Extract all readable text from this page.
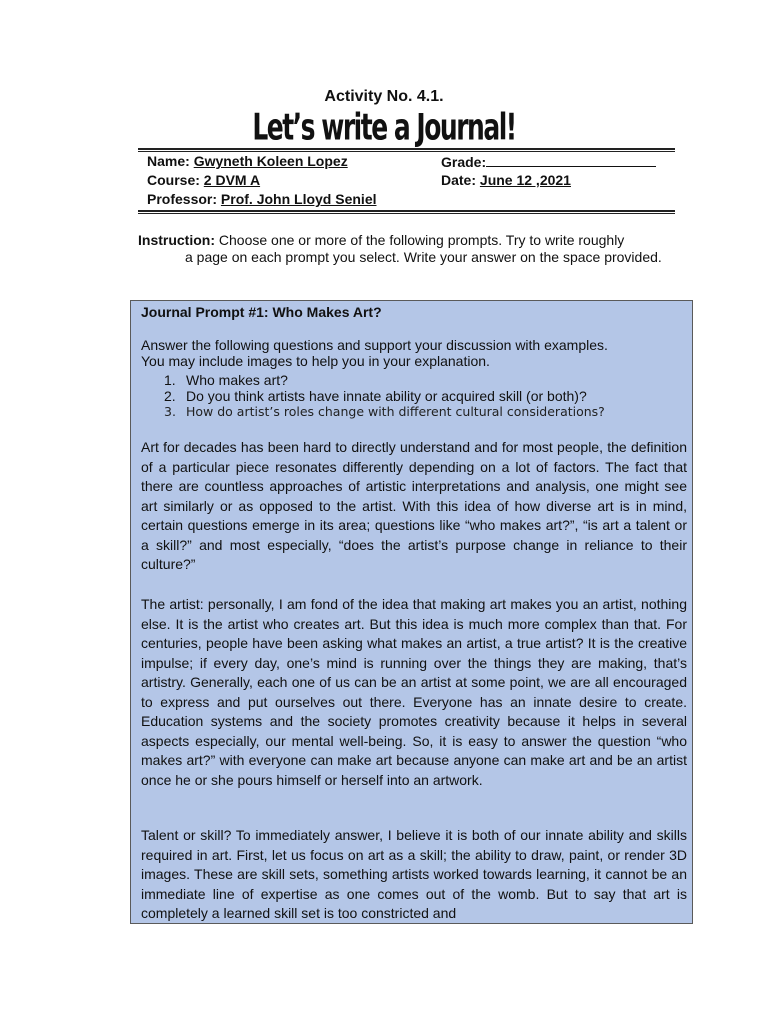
Activity No. 4.1.
Let’s write a Journal!
Name: Gwyneth Koleen Lopez	Grade:
Course: 2 DVM A	Date: June 12 ,2021
Professor: Prof. John Lloyd Seniel
Instruction: Choose one or more of the following prompts. Try to write roughly
a page on each prompt you select. Write your answer on the space provided.
Journal Prompt #1: Who Makes Art?
Answer the following questions and support your discussion with examples.
You may include images to help you in your explanation.
1. Who makes art?
2. Do you think artists have innate ability or acquired skill (or both)?
3. How do artist’s roles change with different cultural considerations?

Art for decades has been hard to directly understand and for most people, the definition of a particular piece resonates differently depending on a lot of factors. The fact that there are countless approaches of artistic interpretations and analysis, one might see art similarly or as opposed to the artist. With this idea of how diverse art is in mind, certain questions emerge in its area; questions like “who makes art?”, “is art a talent or a skill?” and most especially, “does the artist’s purpose change in reliance to their culture?”

The artist: personally, I am fond of the idea that making art makes you an artist, nothing else. It is the artist who creates art. But this idea is much more complex than that. For centuries, people have been asking what makes an artist, a true artist? It is the creative impulse; if every day, one’s mind is running over the things they are making, that’s artistry. Generally, each one of us can be an artist at some point, we are all encouraged to express and put ourselves out there. Everyone has an innate desire to create. Education systems and the society promotes creativity because it helps in several aspects especially, our mental well-being. So, it is easy to answer the question “who makes art?” with everyone can make art because anyone can make art and be an artist once he or she pours himself or herself into an artwork.

Talent or skill? To immediately answer, I believe it is both of our innate ability and skills required in art. First, let us focus on art as a skill; the ability to draw, paint, or render 3D images. These are skill sets, something artists worked towards learning, it cannot be an immediate line of expertise as one comes out of the womb. But to say that art is completely a learned skill set is too constricted and
